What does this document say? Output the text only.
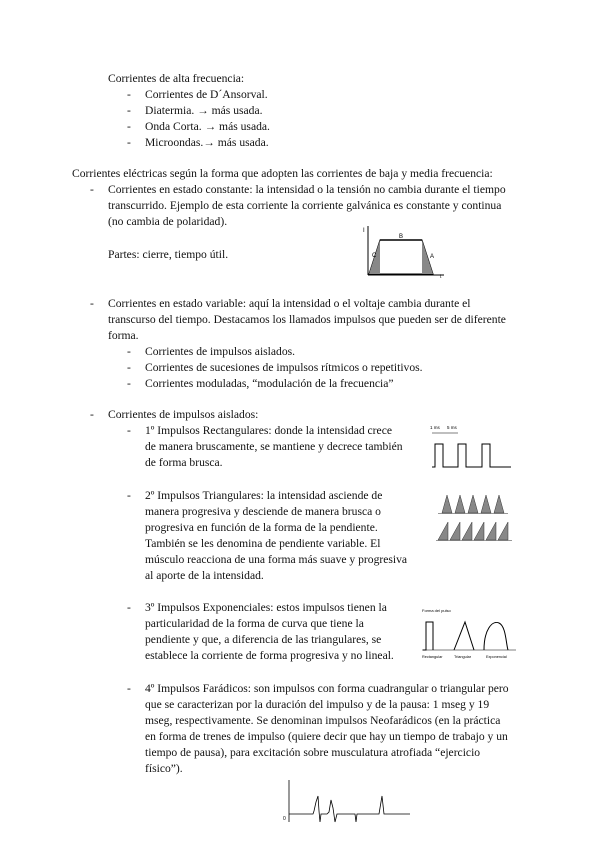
Corrientes de alta frecuencia:
- Corrientes de D´Ansorval.
- Diatermia. → más usada.
- Onda Corta. → más usada.
- Microondas.→ más usada.
Corrientes eléctricas según la forma que adopten las corrientes de baja y media frecuencia:
- Corrientes en estado constante: la intensidad o la tensión no cambia durante el tiempo
transcurrido. Ejemplo de esta corriente la corriente galvánica es constante y continua
(no cambia de polaridad).
Partes: cierre, tiempo útil.
I
C
B
A
t
- Corrientes en estado variable: aquí la intensidad o el voltaje cambia durante el
transcurso del tiempo. Destacamos los llamados impulsos que pueden ser de diferente
forma.
- Corrientes de impulsos aislados.
- Corrientes de sucesiones de impulsos rítmicos o repetitivos.
- Corrientes moduladas, “modulación de la frecuencia”
- Corrientes de impulsos aislados:
- 1º Impulsos Rectangulares: donde la intensidad crece
de manera bruscamente, se mantiene y decrece también
de forma brusca.
1 ms 5 ms
- 2º Impulsos Triangulares: la intensidad asciende de
manera progresiva y desciende de manera brusca o
progresiva en función de la forma de la pendiente.
También se les denomina de pendiente variable. El
músculo reacciona de una forma más suave y progresiva
al aporte de la intensidad.
- 3º Impulsos Exponenciales: estos impulsos tienen la
particularidad de la forma de curva que tiene la
pendiente y que, a diferencia de las triangulares, se
establece la corriente de forma progresiva y no lineal.
Forma del pulso
Rectangular	Triangular	Exponencial
- 4º Impulsos Farádicos: son impulsos con forma cuadrangular o triangular pero
que se caracterizan por la duración del impulso y de la pausa: 1 mseg y 19
mseg, respectivamente. Se denominan impulsos Neofarádicos (en la práctica
en forma de trenes de impulso (quiere decir que hay un tiempo de trabajo y un
tiempo de pausa), para excitación sobre musculatura atrofiada “ejercicio
físico”).
0
